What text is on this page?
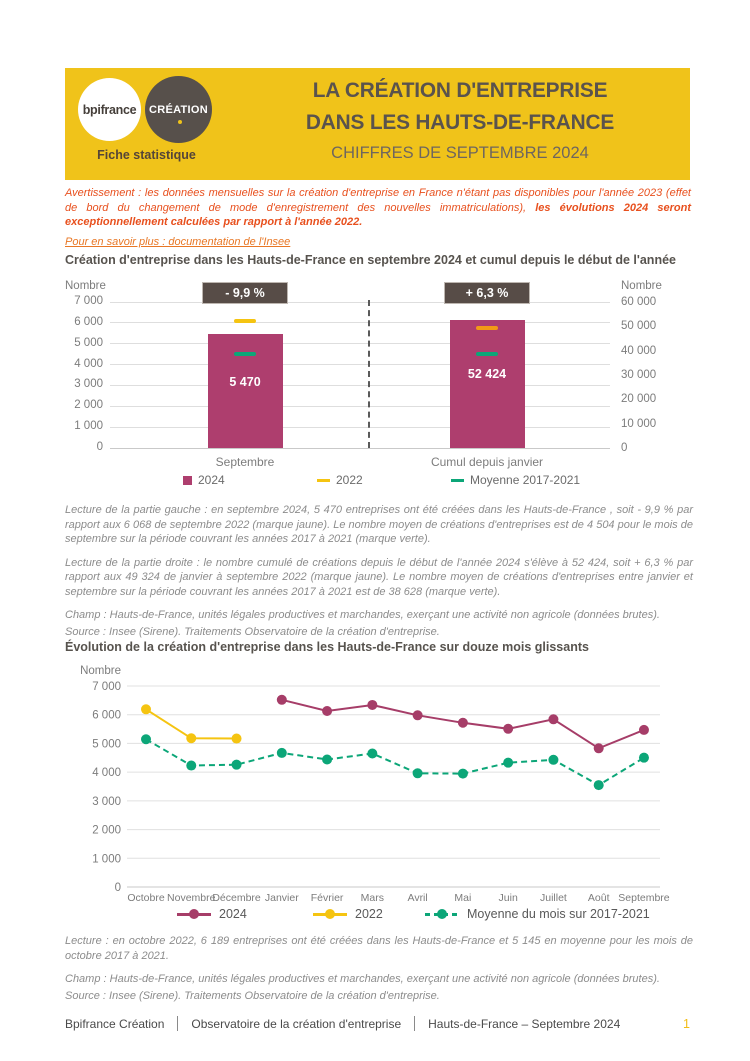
bpifrance CRÉATION
Fiche statistique
LA CRÉATION D'ENTREPRISE
DANS LES HAUTS-DE-FRANCE
CHIFFRES DE SEPTEMBRE 2024
Avertissement : les données mensuelles sur la création d'entreprise en France n'étant pas disponibles pour l'année 2023 (effet de bord du changement de mode d'enregistrement des nouvelles immatriculations), les évolutions 2024 seront exceptionnellement calculées par rapport à l'année 2022.
Pour en savoir plus : documentation de l'Insee
Création d'entreprise dans les Hauts-de-France en septembre 2024 et cumul depuis le début de l'année
Nombre	Nombre
2024	2022	Moyenne 2017-2021
7 000
6 000
5 000
4 000
3 000
2 000
1 000
0
60 000
50 000
40 000
30 000
20 000
10 000
0
5 470
- 9,9 %
Septembre
52 424
+ 6,3 %
Cumul depuis janvier

Lecture de la partie gauche : en septembre 2024, 5 470 entreprises ont été créées dans les Hauts-de-France , soit - 9,9 % par rapport aux 6 068 de septembre 2022 (marque jaune). Le nombre moyen de créations d'entreprises est de 4 504 pour le mois de septembre sur la période couvrant les années 2017 à 2021 (marque verte).

Lecture de la partie droite : le nombre cumulé de créations depuis le début de l'année 2024 s'élève à 52 424, soit + 6,3 % par rapport aux 49 324 de janvier à septembre 2022 (marque jaune). Le nombre moyen de créations d'entreprises entre janvier et septembre sur la période couvrant les années 2017 à 2021 est de 38 628 (marque verte).

Champ : Hauts-de-France, unités légales productives et marchandes, exerçant une activité non agricole (données brutes).

Source : Insee (Sirene). Traitements Observatoire de la création d'entreprise.

Évolution de la création d'entreprise dans les Hauts-de-France sur douze mois glissants
Nombre
7 000
6 000
5 000
4 000
3 000
2 000
1 000
0
Octobre Novembre
Décembre Janvier Février Mars Avril	Mai	Juin Juillet Août Septembre
2024	2022	Moyenne du mois sur 2017-2021

Lecture : en octobre 2022, 6 189 entreprises ont été créées dans les Hauts-de-France et 5 145 en moyenne pour les mois de octobre 2017 à 2021.

Champ : Hauts-de-France, unités légales productives et marchandes, exerçant une activité non agricole (données brutes).

Source : Insee (Sirene). Traitements Observatoire de la création d'entreprise.

Bpifrance Création Observatoire de la création d'entreprise Hauts-de-France – Septembre 2024	1
